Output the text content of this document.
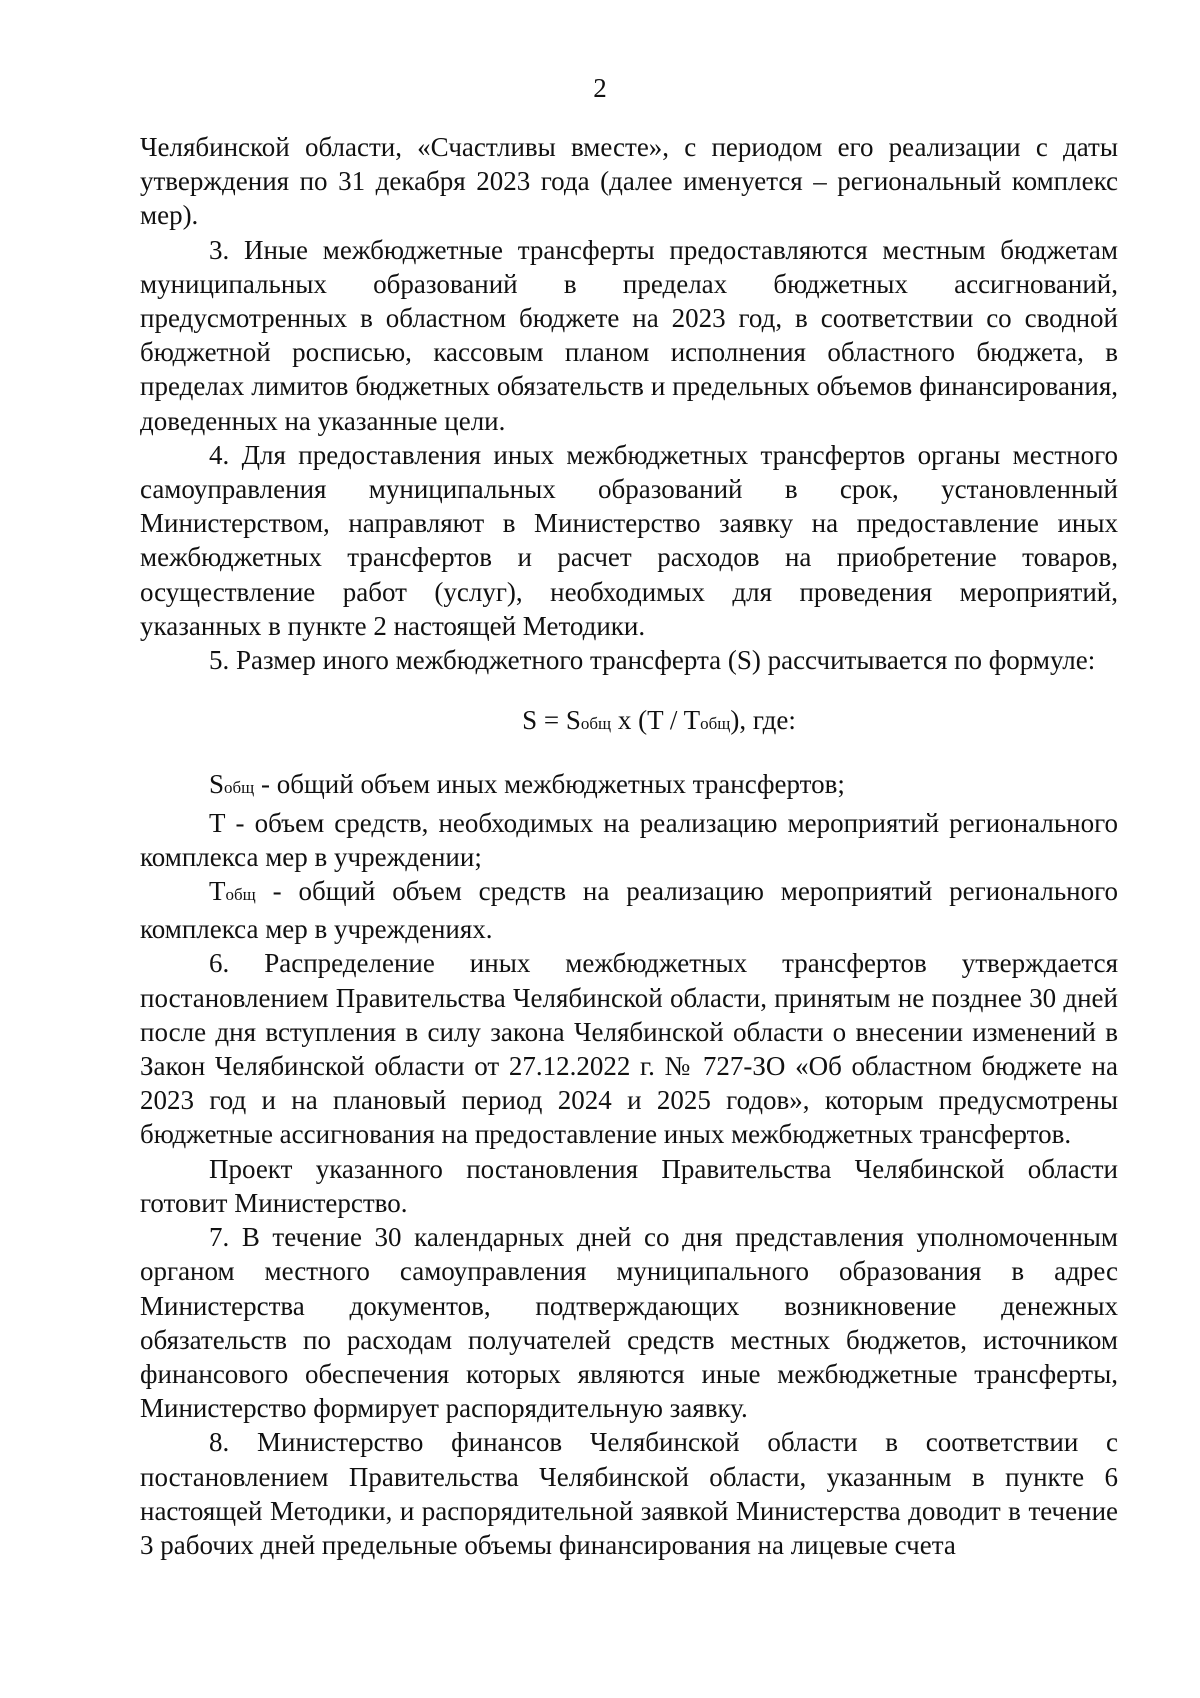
2

Челябинской области, «Счастливы вместе», с периодом его реализации с даты утверждения по 31 декабря 2023 года (далее именуется – региональный комплекс мер).

3. Иные межбюджетные трансферты предоставляются местным бюджетам муниципальных образований в пределах бюджетных ассигнований, предусмотренных в областном бюджете на 2023 год, в соответствии со сводной бюджетной росписью, кассовым планом исполнения областного бюджета, в пределах лимитов бюджетных обязательств и предельных объемов финансирования, доведенных на указанные цели.

4. Для предоставления иных межбюджетных трансфертов органы местного самоуправления муниципальных образований в срок, установленный Министерством, направляют в Министерство заявку на предоставление иных межбюджетных трансфертов и расчет расходов на приобретение товаров, осуществление работ (услуг), необходимых для проведения мероприятий, указанных в пункте 2 настоящей Методики.

5. Размер иного межбюджетного трансферта (S) рассчитывается по формуле:

S = Sобщ x (T / Tобщ), где:

Sобщ - общий объем иных межбюджетных трансфертов;

Т - объем средств, необходимых на реализацию мероприятий регионального комплекса мер в учреждении;

Тобщ - общий объем средств на реализацию мероприятий регионального комплекса мер в учреждениях.

6. Распределение иных межбюджетных трансфертов утверждается постановлением Правительства Челябинской области, принятым не позднее 30 дней после дня вступления в силу закона Челябинской области о внесении изменений в Закон Челябинской области от 27.12.2022 г. № 727-ЗО «Об областном бюджете на 2023 год и на плановый период 2024 и 2025 годов», которым предусмотрены бюджетные ассигнования на предоставление иных межбюджетных трансфертов.

Проект указанного постановления Правительства Челябинской области готовит Министерство.

7. В течение 30 календарных дней со дня представления уполномоченным органом местного самоуправления муниципального образования в адрес Министерства документов, подтверждающих возникновение денежных обязательств по расходам получателей средств местных бюджетов, источником финансового обеспечения которых являются иные межбюджетные трансферты, Министерство формирует распорядительную заявку.

8. Министерство финансов Челябинской области в соответствии с постановлением Правительства Челябинской области, указанным в пункте 6 настоящей Методики, и распорядительной заявкой Министерства доводит в течение 3 рабочих дней предельные объемы финансирования на лицевые счета
